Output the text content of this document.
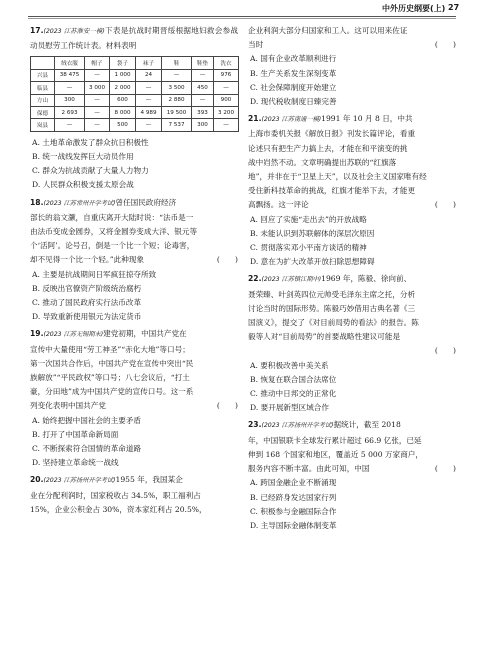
中外历史纲要(上) 27
17.(2023 江苏淮安一模)下表是抗战时期晋绥根据地妇救会参战动员慰劳工作统计表。材料表明
	绒衣服	帽子	袋子	袜子	鞋	鞋垫	洗衣
兴县	38 475	—	1 000	24	—	—	976
临县	—	3 000	2 000	—	3 500	450	—
方山	300	—	600	—	2 880	—	900
保德	2 693	—	8 000	4 989	19 500	393	3 200
岚县	—	—	500	—	7 537	300	—
A. 土地革命激发了群众抗日积极性
B. 统一战线发挥巨大动员作用
C. 群众为抗战贡献了大量人力物力
D. 人民群众积极支援太原会战
18.(2023 江苏常州开学考试)曾任国民政府经济
部长的翁文灏，自重庆离开大陆时说：“法币是一
由法币变成金圆券，又将金圆券变成大洋、银元等
个‘活阿’。论号召，倒是一个比一个短；论毒害，
却不见得一个比一个轻。”此种现象	(　　)
A. 主要是抗战期间日军疯狂掠夺所致
B. 反映出官僚资产阶级统治腐朽
C. 推动了国民政府实行法币改革
D. 导致重新使用银元为法定货币
19.(2023 江苏无锡期末)建党初期，中国共产党在
宣传中大量使用“劳工神圣”“赤化大地”等口号；
第一次国共合作后，中国共产党在宣传中突出“民
族解放”“平民政权”等口号；八七会议后，“打土
豪，分田地”成为中国共产党的宣传口号。这一系
列变化表明中国共产党	(　　)
A. 始终把握中国社会的主要矛盾
B. 打开了中国革命新局面
C. 不断探索符合国情的革命道路
D. 坚持建立革命统一战线
20.(2023 江苏扬州开学考试)1955 年，我国某企
业在分配利润时，国家税收占 34.5%，职工福利占
15%，企业公积金占 30%，资本家红利占 20.5%，
企业利润大部分归国家和工人。这可以用来佐证
当时	(　　)
A. 国有企业改革顺利进行
B. 生产关系发生深刻变革
C. 社会保障制度开始建立
D. 现代税收制度日臻完善
21.(2023 江苏南通一模)1991 年 10 月 8 日，中共
上海市委机关报《解放日报》刊发长篇评论，看重
论述只有把生产力搞上去，才能在和平演变的挑
战中岿然不动。文章明确提出苏联的“红旗落
地”，并非在于“卫星上天”，以及社会主义国家唯有经
受住新科技革命的挑战，红旗才能举下去，才能更
高飘扬。这一评论	(　　)
A. 回应了实施“走出去”的开放战略
B. 未能认识到苏联解体的深层次原因
C. 贯彻落实邓小平南方谈话的精神
D. 意在为扩大改革开放扫除思想障碍
22.(2023 江苏镇江期中)1969 年，陈毅、徐向前、
聂荣臻、叶剑英四位元帅受毛泽东主席之托，分析
讨论当时的国际形势。陈毅巧妙借用古典名著《三
国演义》，提交了《对目前局势的看法》的报告。陈
毅等人对“目前局势”的首要战略性建议可能是

(　　)
A. 要积极改善中美关系
B. 恢复在联合国合法席位
C. 推动中日邦交的正常化
D. 要开展新型区域合作
23.(2023 江苏扬州开学考试)据统计，截至 2018
年，中国银联卡全球发行累计超过 66.9 亿张，已延
伸到 168 个国家和地区，覆盖近 5 000 万家商户，
服务内容不断丰富。由此可知，中国	(　　)
A. 跨国金融企业不断涌现
B. 已经跻身发达国家行列
C. 积极参与金融国际合作
D. 主导国际金融体制变革
